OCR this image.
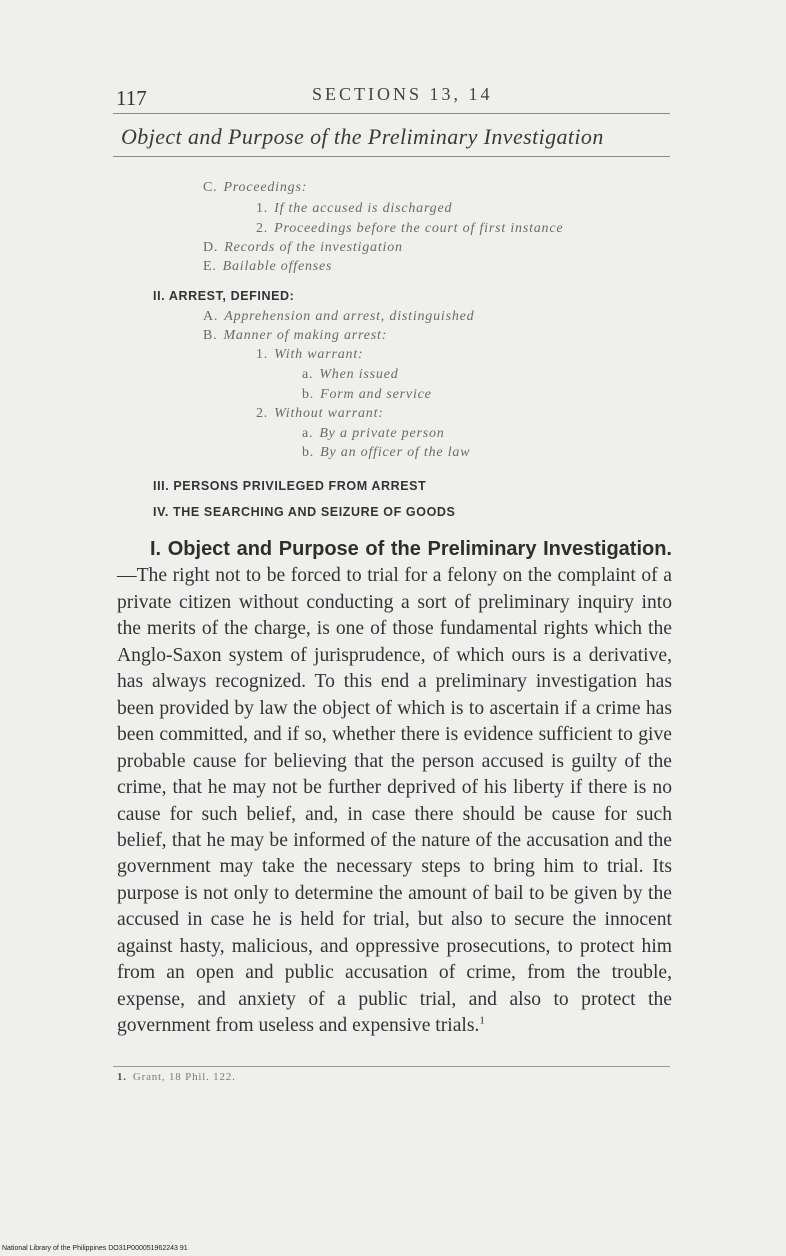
117	SECTIONS 13, 14
Object and Purpose of the Preliminary Investigation
C. Proceedings:
1. If the accused is discharged
2. Proceedings before the court of first instance
D. Records of the investigation
E. Bailable offenses
II. ARREST, DEFINED:
A. Apprehension and arrest, distinguished
B. Manner of making arrest:
1. With warrant:
a. When issued
b. Form and service
2. Without warrant:
a. By a private person
b. By an officer of the law
III. PERSONS PRIVILEGED FROM ARREST
IV. THE SEARCHING AND SEIZURE OF GOODS
I. Object and Purpose of the Preliminary Investigation.—The right not to be forced to trial for a felony on the complaint of a private citizen without conducting a sort of preliminary inquiry into the merits of the charge, is one of those fundamental rights which the Anglo-Saxon system of jurisprudence, of which ours is a derivative, has always recognized. To this end a preliminary investigation has been provided by law the object of which is to ascertain if a crime has been committed, and if so, whether there is evidence sufficient to give probable cause for believing that the person accused is guilty of the crime, that he may not be further deprived of his liberty if there is no cause for such belief, and, in case there should be cause for such belief, that he may be informed of the nature of the accusation and the government may take the necessary steps to bring him to trial. Its purpose is not only to determine the amount of bail to be given by the accused in case he is held for trial, but also to secure the innocent against hasty, malicious, and oppressive prosecutions, to protect him from an open and public accusation of crime, from the trouble, expense, and anxiety of a public trial, and also to protect the government from useless and expensive trials.$^1$
1. Grant, 18 Phil. 122.
National Library of the Philippines DO31P000051962243 91
